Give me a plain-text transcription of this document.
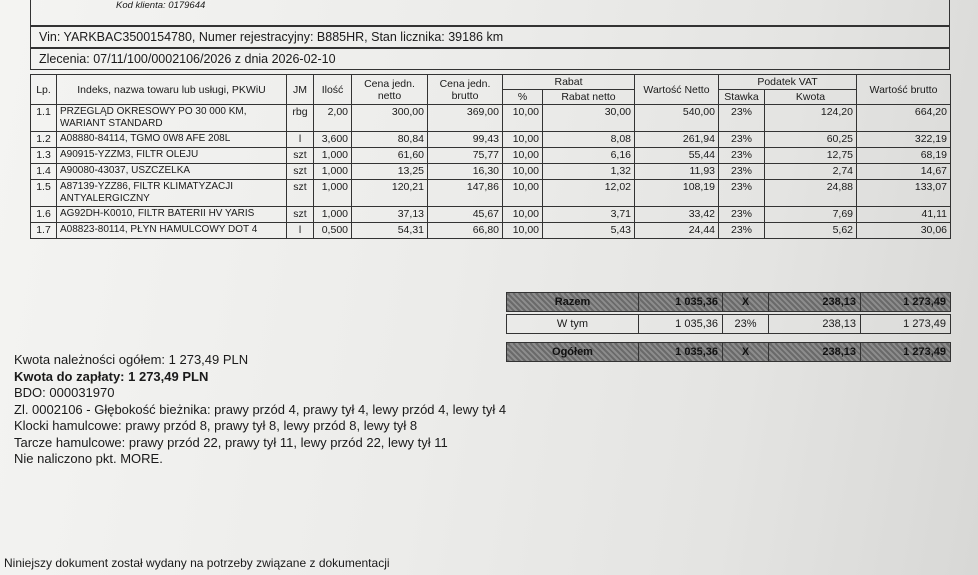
Kod klienta: 0179644
Vin: YARKBAC3500154780, Numer rejestracyjny: B885HR, Stan licznika: 39186 km
Zlecenia: 07/11/100/0002106/2026 z dnia 2026-02-10
Lp.	Indeks, nazwa towaru lub usługi, PKWiU	JM	Ilość	Cena jedn. netto	Cena jedn. brutto	Rabat		Wartość Netto	Podatek VAT		Wartość brutto
						%	Rabat netto		Stawka	Kwota	
1.1	PRZEGLĄD OKRESOWY PO 30 000 KM, WARIANT STANDARD	rbg	2,00	300,00	369,00	10,00	30,00	540,00	23%	124,20	664,20
1.2	A08880-84114, TGMO 0W8 AFE 208L	l	3,600	80,84	99,43	10,00	8,08	261,94	23%	60,25	322,19
1.3	A90915-YZZM3, FILTR OLEJU	szt	1,000	61,60	75,77	10,00	6,16	55,44	23%	12,75	68,19
1.4	A90080-43037, USZCZELKA	szt	1,000	13,25	16,30	10,00	1,32	11,93	23%	2,74	14,67
1.5	A87139-YZZ86, FILTR KLIMATYZACJI ANTYALERGICZNY	szt	1,000	120,21	147,86	10,00	12,02	108,19	23%	24,88	133,07
1.6	AG92DH-K0010, FILTR BATERII HV YARIS	szt	1,000	37,13	45,67	10,00	3,71	33,42	23%	7,69	41,11
1.7	A08823-80114, PŁYN HAMULCOWY DOT 4	l	0,500	54,31	66,80	10,00	5,43	24,44	23%	5,62	30,06
Razem	1 035,36	X	238,13	1 273,49
W tym	1 035,36	23%	238,13	1 273,49
Ogółem	1 035,36	X	238,13	1 273,49
Kwota należności ogółem: 1 273,49 PLN
Kwota do zapłaty: 1 273,49 PLN
BDO: 000031970
Zl. 0002106 - Głębokość bieżnika: prawy przód 4, prawy tył 4, lewy przód 4, lewy tył 4
Klocki hamulcowe: prawy przód 8, prawy tył 8, lewy przód 8, lewy tył 8
Tarcze hamulcowe: prawy przód 22, prawy tył 11, lewy przód 22, lewy tył 11
Nie naliczono pkt. MORE.
Niniejszy dokument został wydany na potrzeby związane z dokumentacji
